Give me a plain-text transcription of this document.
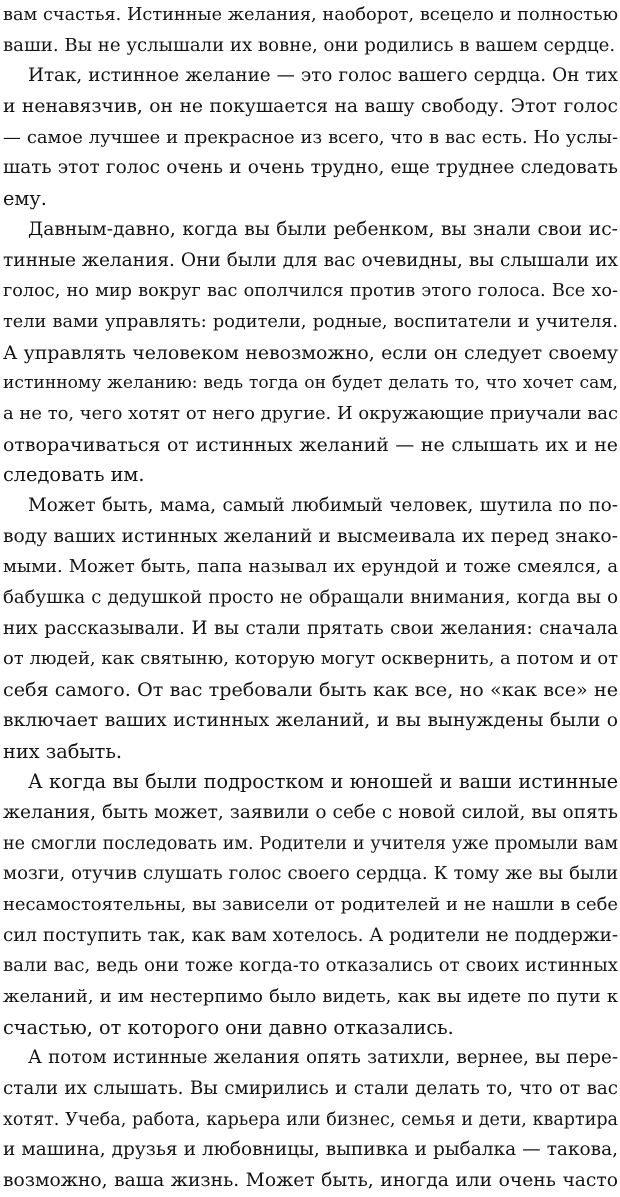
вам счастья. Истинные желания, наоборот, всецело и полностью
ваши. Вы не услышали их вовне, они родились в вашем сердце.
Итак, истинное желание — это голос вашего сердца. Он тих
и ненавязчив, он не покушается на вашу свободу. Этот голос
— самое лучшее и прекрасное из всего, что в вас есть. Но услы-
шать этот голос очень и очень трудно, еще труднее следовать
ему.
Давным-давно, когда вы были ребенком, вы знали свои ис-
тинные желания. Они были для вас очевидны, вы слышали их
голос, но мир вокруг вас ополчился против этого голоса. Все хо-
тели вами управлять: родители, родные, воспитатели и учителя.
А управлять человеком невозможно, если он следует своему
истинному желанию: ведь тогда он будет делать то, что хочет сам,
а не то, чего хотят от него другие. И окружающие приучали вас
отворачиваться от истинных желаний — не слышать их и не
следовать им.
Может быть, мама, самый любимый человек, шутила по по-
воду ваших истинных желаний и высмеивала их перед знако-
мыми. Может быть, папа называл их ерундой и тоже смеялся, а
бабушка с дедушкой просто не обращали внимания, когда вы о
них рассказывали. И вы стали прятать свои желания: сначала
от людей, как святыню, которую могут осквернить, а потом и от
себя самого. От вас требовали быть как все, но «как все» не
включает ваших истинных желаний, и вы вынуждены были о
них забыть.
А когда вы были подростком и юношей и ваши истинные
желания, быть может, заявили о себе с новой силой, вы опять
не смогли последовать им. Родители и учителя уже промыли вам
мозги, отучив слушать голос своего сердца. К тому же вы были
несамостоятельны, вы зависели от родителей и не нашли в себе
сил поступить так, как вам хотелось. А родители не поддержи-
вали вас, ведь они тоже когда-то отказались от своих истинных
желаний, и им нестерпимо было видеть, как вы идете по пути к
счастью, от которого они давно отказались.
А потом истинные желания опять затихли, вернее, вы пере-
стали их слышать. Вы смирились и стали делать то, что от вас
хотят. Учеба, работа, карьера или бизнес, семья и дети, квартира
и машина, друзья и любовницы, выпивка и рыбалка — такова,
возможно, ваша жизнь. Может быть, иногда или очень часто
